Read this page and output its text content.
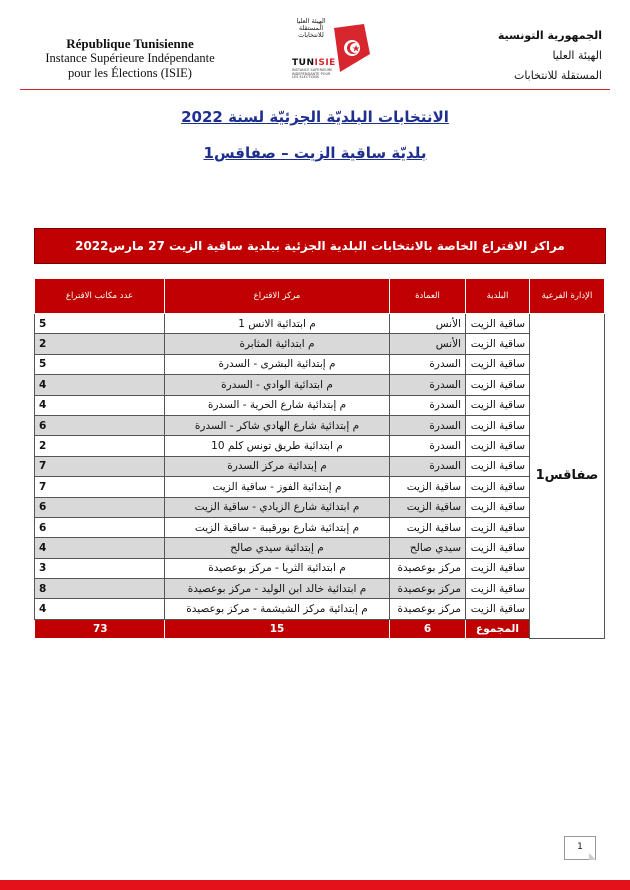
République Tunisienne
Instance Supérieure Indépendante
pour les Élections (ISIE)
الهيئة العليا المستقلة للانتخابات
TUNISIE
INSTANCE SUPERIEURE INDEPENDANTE POUR LES ELECTIONS
الجمهورية التونسية
الهيئة العليا
المستقلة للانتخابات
الانتخابات البلديّة الجزئيّة لسنة 2022
بلديّة ساقية الزيت – صفاقس1
مراكز الاقتراع الخاصة بالانتخابات البلدية الجزئية ببلدية ساقية الزيت 27 مارس2022
الإدارة الفرعية	البلدية	العمادة	مركز الاقتراع	عدد مكاتب الاقتراع
صفاقس1	ساقية الزيت	الأنس	م ابتدائية الانس 1	5
	ساقية الزيت	الأنس	م ابتدائية المثابرة	2
	ساقية الزيت	السدرة	م إبتدائية البشرى - السدرة	5
	ساقية الزيت	السدرة	م ابتدائية الوادي - السدرة	4
	ساقية الزيت	السدرة	م إبتدائية شارع الحرية - السدرة	4
	ساقية الزيت	السدرة	م إبتدائية شارع الهادي شاكر - السدرة	6
	ساقية الزيت	السدرة	م ابتدائية طريق تونس كلم 10	2
	ساقية الزيت	السدرة	م إبتدائية مركز السدرة	7
	ساقية الزيت	ساقية الزيت	م إبتدائية الفوز - ساقية الزيت	7
	ساقية الزيت	ساقية الزيت	م ابتدائية شارع الزيادي - ساقية الزيت	6
	ساقية الزيت	ساقية الزيت	م إبتدائية شارع بورقيبة - ساقية الزيت	6
	ساقية الزيت	سيدي صالح	م إبتدائية سيدي صالح	4
	ساقية الزيت	مركز بوعصيدة	م ابتدائية الثريا - مركز بوعصيدة	3
	ساقية الزيت	مركز بوعصيدة	م ابتدائية خالد ابن الوليد - مركز بوعصيدة	8
	ساقية الزيت	مركز بوعصيدة	م إبتدائية مركز الشيشمة - مركز بوعصيدة	4
	المجموع	6	15	73
1
